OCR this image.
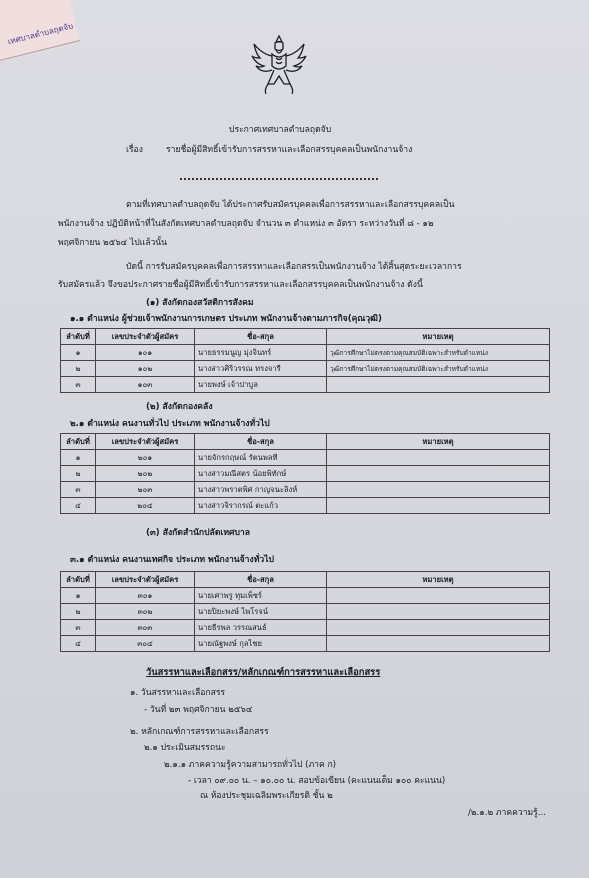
เทศบาลตำบลถุดจับ
ประกาศเทศบาลตำบลถุดจับ
เรื่อง	รายชื่อผู้มีสิทธิ์เข้ารับการสรรหาและเลือกสรรบุคคลเป็นพนักงานจ้าง
ตามที่เทศบาลตำบลถุดจับ ได้ประกาศรับสมัครบุคคลเพื่อการสรรหาและเลือกสรรบุคคลเป็น
พนักงานจ้าง ปฏิบัติหน้าที่ในสังกัดเทศบาลตำบลถุดจับ จำนวน ๓ ตำแหน่ง ๓ อัตรา ระหว่างวันที่ ๘ ‑ ๑๒
พฤศจิกายน ๒๕๖๔ ไปแล้วนั้น
บัดนี้ การรับสมัครบุคคลเพื่อการสรรหาและเลือกสรรเป็นพนักงานจ้าง ได้สิ้นสุดระยะเวลาการ
รับสมัครแล้ว จึงขอประกาศรายชื่อผู้มีสิทธิ์เข้ารับการสรรหาและเลือกสรรบุคคลเป็นพนักงานจ้าง ดังนี้
(๑) สังกัดกองสวัสดิการสังคม
๑.๑ ตำแหน่ง ผู้ช่วยเจ้าพนักงานการเกษตร ประเภท พนักงานจ้างตามภารกิจ(คุณวุฒิ)
ลำดับที่	เลขประจำตัวผู้สมัคร	ชื่อ-สกุล	หมายเหตุ
๑	๑๐๑	นายธรรมนูญ มุ่งจินทร์	วุฒิการศึกษาไม่ตรงตามคุณสมบัติเฉพาะสำหรับตำแหน่ง
๒	๑๐๒	นางสาวศิริวรรณ ทรงจารี	วุฒิการศึกษาไม่ตรงตามคุณสมบัติเฉพาะสำหรับตำแหน่ง
๓	๑๐๓	นายพงษ์ เจ้าปาบูล	
(๒) สังกัดกองคลัง
๒.๑ ตำแหน่ง คนงานทั่วไป ประเภท พนักงานจ้างทั่วไป
ลำดับที่	เลขประจำตัวผู้สมัคร	ชื่อ-สกุล	หมายเหตุ
๑	๒๐๑	นายจักรกฤษณ์ รัตนพลที	
๒	๒๐๒	นางสาวมณีสตร น้อยพิทักษ์	
๓	๒๐๓	นางสาวพราตพิศ กาญจนะลิงห์	
๔	๒๐๔	นางสาวจิรากรณ์ ตะแก้ว	
(๓) สังกัดสำนักปลัดเทศบาล
๓.๑ ตำแหน่ง คนงานเทศกิจ ประเภท พนักงานจ้างทั่วไป
ลำดับที่	เลขประจำตัวผู้สมัคร	ชื่อ-สกุล	หมายเหตุ
๑	๓๐๑	นายเศาพรู ทุมเพ็ชร์	
๒	๓๐๒	นายปิยะพงษ์ ไพโรจน์	
๓	๓๐๓	นายธีรพล วรรณสนธ์	
๔	๓๐๔	นายณัฐพงษ์ กุลไชย	
วันสรรหาและเลือกสรร/หลักเกณฑ์การสรรหาและเลือกสรร
๑. วันสรรหาและเลือกสรร
- วันที่ ๒๓ พฤศจิกายน ๒๕๖๔
๒. หลักเกณฑ์การสรรหาและเลือกสรร
๒.๑ ประเมินสมรรถนะ
๒.๑.๑ ภาคความรู้ความสามารถทั่วไป (ภาค ก)
- เวลา ๐๙.๐๐ น. – ๑๐.๐๐ น. สอบข้อเขียน (คะแนนเต็ม ๑๐๐ คะแนน)
ณ ห้องประชุมเฉลิมพระเกียรติ ชั้น ๒
/๒.๑.๒ ภาคความรู้...
